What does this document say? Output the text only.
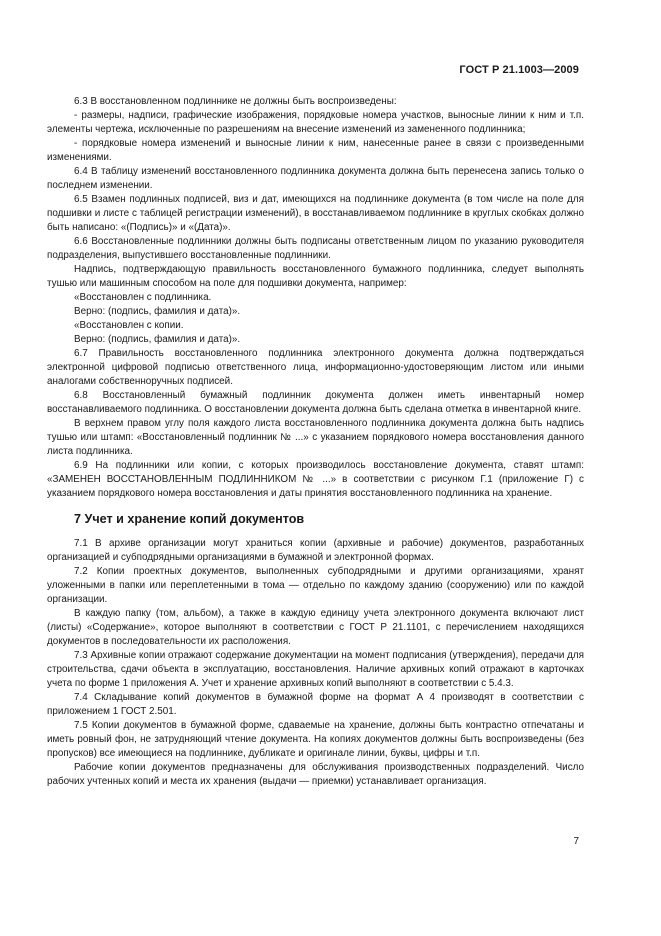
ГОСТ Р 21.1003—2009

6.3 В восстановленном подлиннике не должны быть воспроизведены:

- размеры, надписи, графические изображения, порядковые номера участков, выносные линии к ним и т.п. элементы чертежа, исключенные по разрешениям на внесение изменений из замененного подлинника;

- порядковые номера изменений и выносные линии к ним, нанесенные ранее в связи с произведенными изменениями.

6.4 В таблицу изменений восстановленного подлинника документа должна быть перенесена запись только о последнем изменении.

6.5 Взамен подлинных подписей, виз и дат, имеющихся на подлиннике документа (в том числе на поле для подшивки и листе с таблицей регистрации изменений), в восстанавливаемом подлиннике в круглых скобках должно быть написано: «(Подпись)» и «(Дата)».

6.6 Восстановленные подлинники должны быть подписаны ответственным лицом по указанию руководителя подразделения, выпустившего восстановленные подлинники.

Надпись, подтверждающую правильность восстановленного бумажного подлинника, следует выполнять тушью или машинным способом на поле для подшивки документа, например:

«Восстановлен с подлинника.

Верно: (подпись, фамилия и дата)».

«Восстановлен с копии.

Верно: (подпись, фамилия и дата)».

6.7 Правильность восстановленного подлинника электронного документа должна подтверждаться электронной цифровой подписью ответственного лица, информационно-удостоверяющим листом или иными аналогами собственноручных подписей.

6.8 Восстановленный бумажный подлинник документа должен иметь инвентарный номер восстанавливаемого подлинника. О восстановлении документа должна быть сделана отметка в инвентарной книге.

В верхнем правом углу поля каждого листа восстановленного подлинника документа должна быть надпись тушью или штамп: «Восстановленный подлинник № ...» с указанием порядкового номера восстановления данного листа подлинника.

6.9 На подлинники или копии, с которых производилось восстановление документа, ставят штамп: «ЗАМЕНЕН ВОССТАНОВЛЕННЫМ ПОДЛИННИКОМ № ...» в соответствии с рисунком Г.1 (приложение Г) с указанием порядкового номера восстановления и даты принятия восстановленного подлинника на хранение.

7 Учет и хранение копий документов

7.1 В архиве организации могут храниться копии (архивные и рабочие) документов, разработанных организацией и субподрядными организациями в бумажной и электронной формах.

7.2 Копии проектных документов, выполненных субподрядными и другими организациями, хранят уложенными в папки или переплетенными в тома — отдельно по каждому зданию (сооружению) или по каждой организации.

В каждую папку (том, альбом), а также в каждую единицу учета электронного документа включают лист (листы) «Содержание», которое выполняют в соответствии с ГОСТ Р 21.1101, с перечислением находящихся документов в последовательности их расположения.

7.3 Архивные копии отражают содержание документации на момент подписания (утверждения), передачи для строительства, сдачи объекта в эксплуатацию, восстановления. Наличие архивных копий отражают в карточках учета по форме 1 приложения А. Учет и хранение архивных копий выполняют в соответствии с 5.4.3.

7.4 Складывание копий документов в бумажной форме на формат А 4 производят в соответствии с приложением 1 ГОСТ 2.501.

7.5 Копии документов в бумажной форме, сдаваемые на хранение, должны быть контрастно отпечатаны и иметь ровный фон, не затрудняющий чтение документа. На копиях документов должны быть воспроизведены (без пропусков) все имеющиеся на подлиннике, дубликате и оригинале линии, буквы, цифры и т.п.

Рабочие копии документов предназначены для обслуживания производственных подразделений. Число рабочих учтенных копий и места их хранения (выдачи — приемки) устанавливает организация.

7
